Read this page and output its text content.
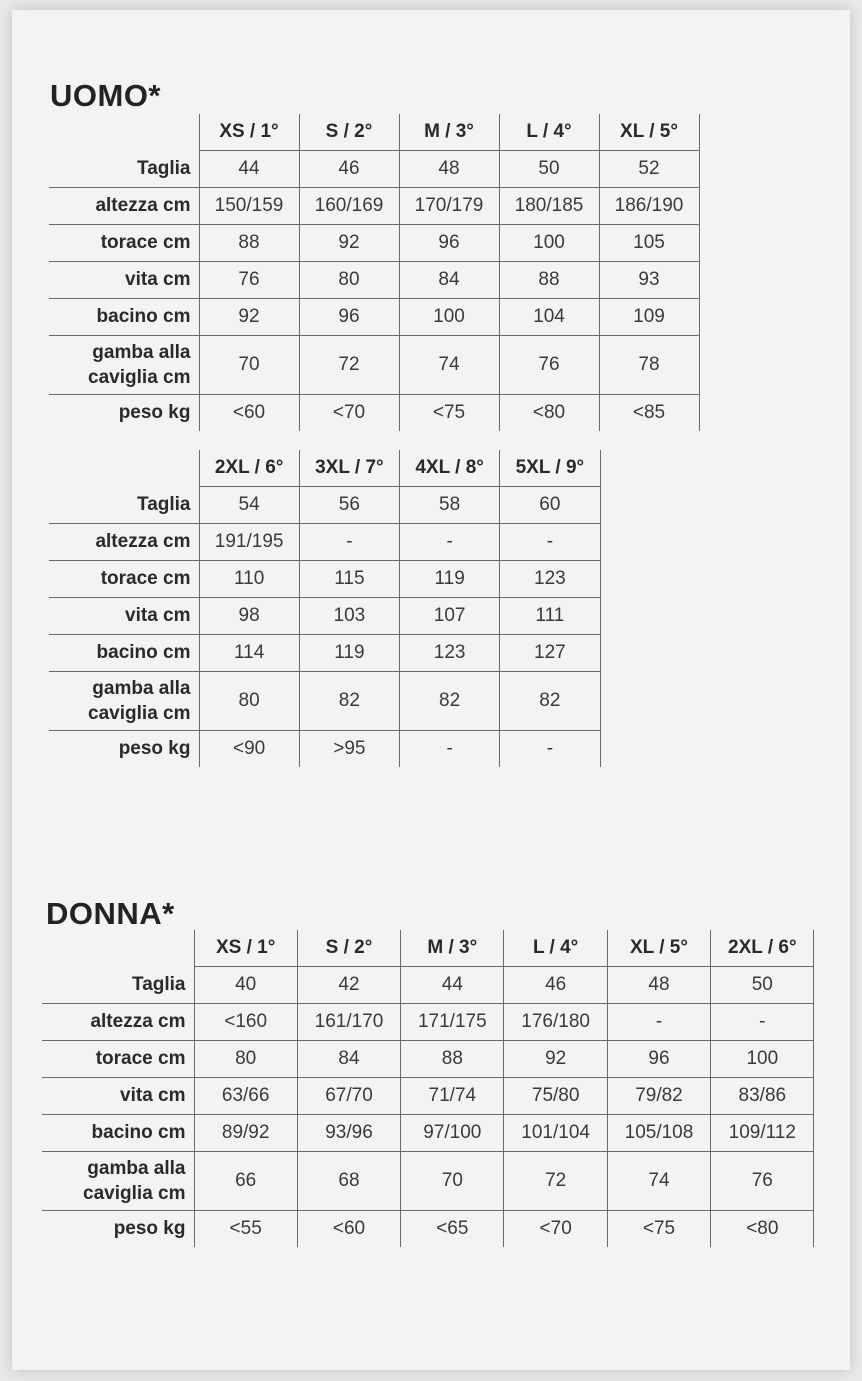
UOMO*
	XS / 1°	S / 2°	M / 3°	L / 4°	XL / 5°
Taglia	44	46	48	50	52
altezza cm	150/159	160/169	170/179	180/185	186/190
torace cm	88	92	96	100	105
vita cm	76	80	84	88	93
bacino cm	92	96	100	104	109
gamba alla caviglia cm	70	72	74	76	78
peso kg	<60	<70	<75	<80	<85
	2XL / 6°	3XL / 7°	4XL / 8°	5XL / 9°
Taglia	54	56	58	60
altezza cm	191/195	-	-	-
torace cm	110	115	119	123
vita cm	98	103	107	111
bacino cm	114	119	123	127
gamba alla caviglia cm	80	82	82	82
peso kg	<90	>95	-	-
DONNA*
	XS / 1°	S / 2°	M / 3°	L / 4°	XL / 5°	2XL / 6°
Taglia	40	42	44	46	48	50
altezza cm	<160	161/170	171/175	176/180	-	-
torace cm	80	84	88	92	96	100
vita cm	63/66	67/70	71/74	75/80	79/82	83/86
bacino cm	89/92	93/96	97/100	101/104	105/108	109/112
gamba alla caviglia cm	66	68	70	72	74	76
peso kg	<55	<60	<65	<70	<75	<80
